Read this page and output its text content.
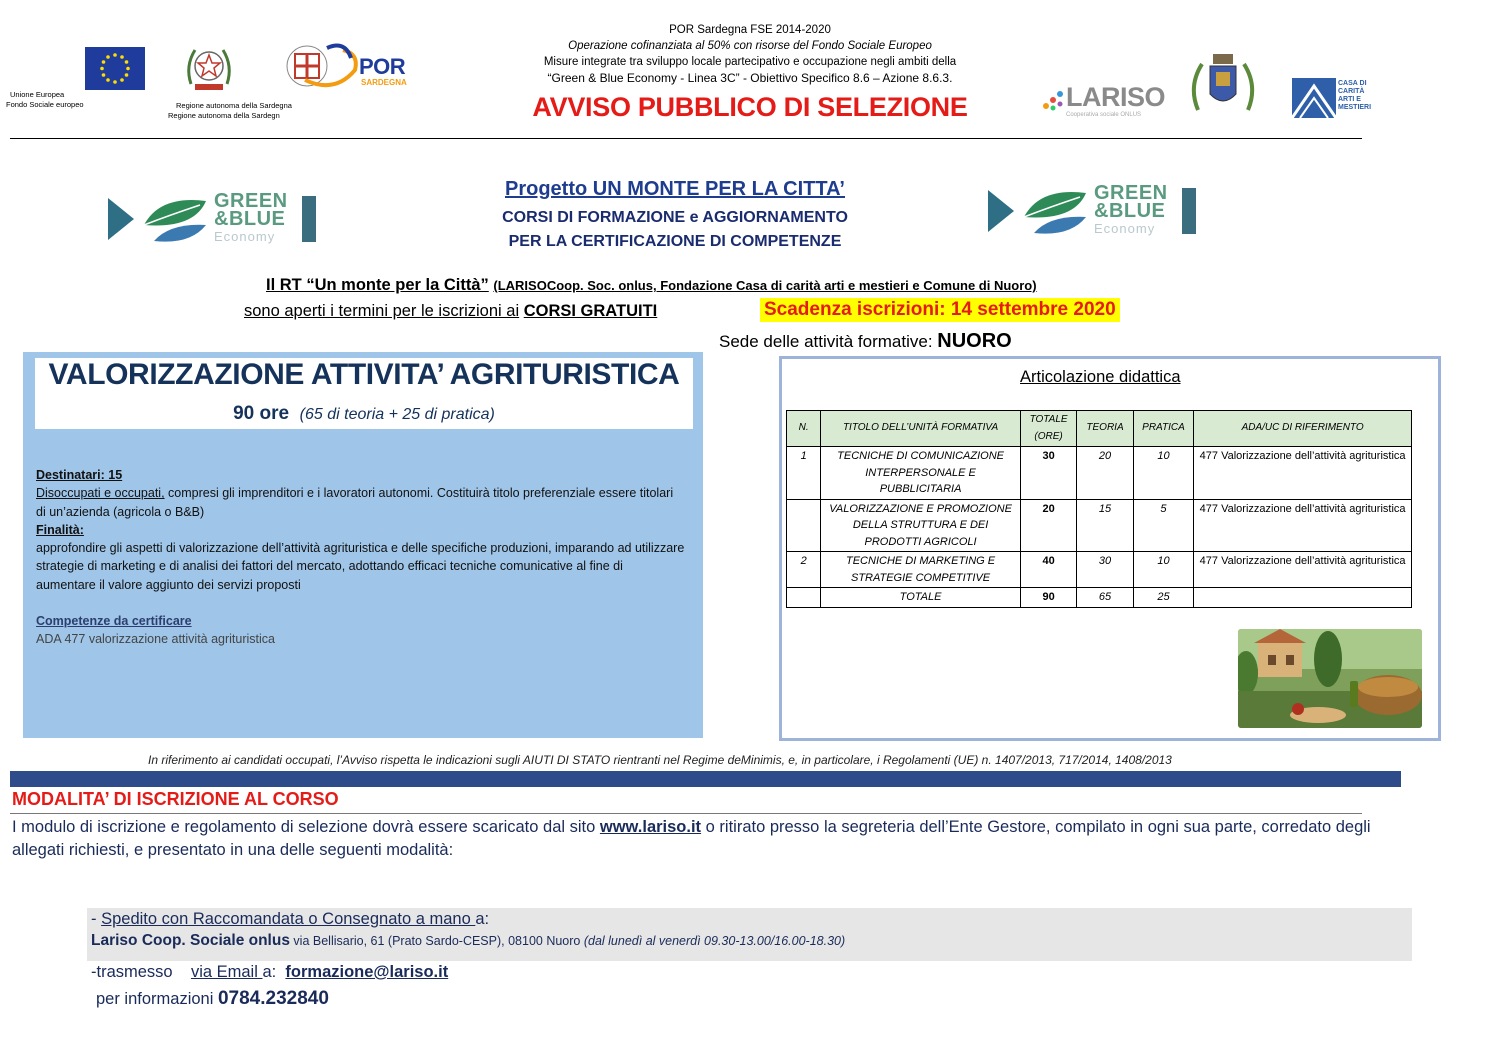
Unione Europea
Fondo Sociale europeo	Regione autonoma della Sardegna
Regione autonoma della Sardegn
POR
SARDEGNA
POR Sardegna FSE 2014-2020
Operazione cofinanziata al 50% con risorse del Fondo Sociale Europeo
Misure integrate tra sviluppo locale partecipativo e occupazione negli ambiti della
“Green & Blue Economy - Linea 3C” - Obiettivo Specifico 8.6 – Azione 8.6.3.
AVVISO PUBBLICO DI SELEZIONE	LARISO
Cooperativa sociale ONLUS
CASA DI
CARITÀ
ARTI E
MESTIERI
GREEN
&BLUE
Economy
GREEN
&BLUE
Economy
Progetto UN MONTE PER LA CITTA’
CORSI DI FORMAZIONE e AGGIORNAMENTO
PER LA CERTIFICAZIONE DI COMPETENZE
Il RT “Un monte per la Città” (LARISOCoop. Soc. onlus, Fondazione Casa di carità arti e mestieri e Comune di Nuoro)
sono aperti i termini per le iscrizioni ai CORSI GRATUITI	Scadenza iscrizioni: 14 settembre 2020
Sede delle attività formative: NUORO
VALORIZZAZIONE ATTIVITA’ AGRITURISTICA
90 ore (65 di teoria + 25 di pratica)
Destinatari: 15
Disoccupati e occupati, compresi gli imprenditori e i lavoratori autonomi. Costituirà titolo preferenziale essere titolari di un’azienda (agricola o B&B)
Finalità:
approfondire gli aspetti di valorizzazione dell’attività agrituristica e delle specifiche produzioni, imparando ad utilizzare strategie di marketing e di analisi dei fattori del mercato, adottando efficaci tecniche comunicative al fine di aumentare il valore aggiunto dei servizi proposti
Competenze da certificare
ADA 477 valorizzazione attività agrituristica
Articolazione didattica
N.	TITOLO DELL’UNITÀ FORMATIVA	TOTALE (ORE)	TEORIA	PRATICA	ADA/UC DI RIFERIMENTO
1	TECNICHE DI COMUNICAZIONE INTERPERSONALE E PUBBLICITARIA	30	20	10	477 Valorizzazione dell’attività agrituristica
	VALORIZZAZIONE E PROMOZIONE DELLA STRUTTURA E DEI PRODOTTI AGRICOLI	20	15	5	477 Valorizzazione dell’attività agrituristica
2	TECNICHE DI MARKETING E STRATEGIE COMPETITIVE	40	30	10	477 Valorizzazione dell’attività agrituristica
	TOTALE	90	65	25	
In riferimento ai candidati occupati, l’Avviso rispetta le indicazioni sugli AIUTI DI STATO rientranti nel Regime deMinimis, e, in particolare, i Regolamenti (UE) n. 1407/2013, 717/2014, 1408/2013
MODALITA’ DI ISCRIZIONE AL CORSO
I modulo di iscrizione e regolamento di selezione dovrà essere scaricato dal sito www.lariso.it o ritirato presso la segreteria dell’Ente Gestore, compilato in ogni sua parte, corredato degli allegati richiesti, e presentato in una delle seguenti modalità:
- Spedito con Raccomandata o Consegnato a mano a:
Lariso Coop. Sociale onlus via Bellisario, 61 (Prato Sardo-CESP), 08100 Nuoro (dal lunedì al venerdì 09.30-13.00/16.00-18.30)
-trasmesso    via Email a:  formazione@lariso.it
per informazioni 0784.232840
